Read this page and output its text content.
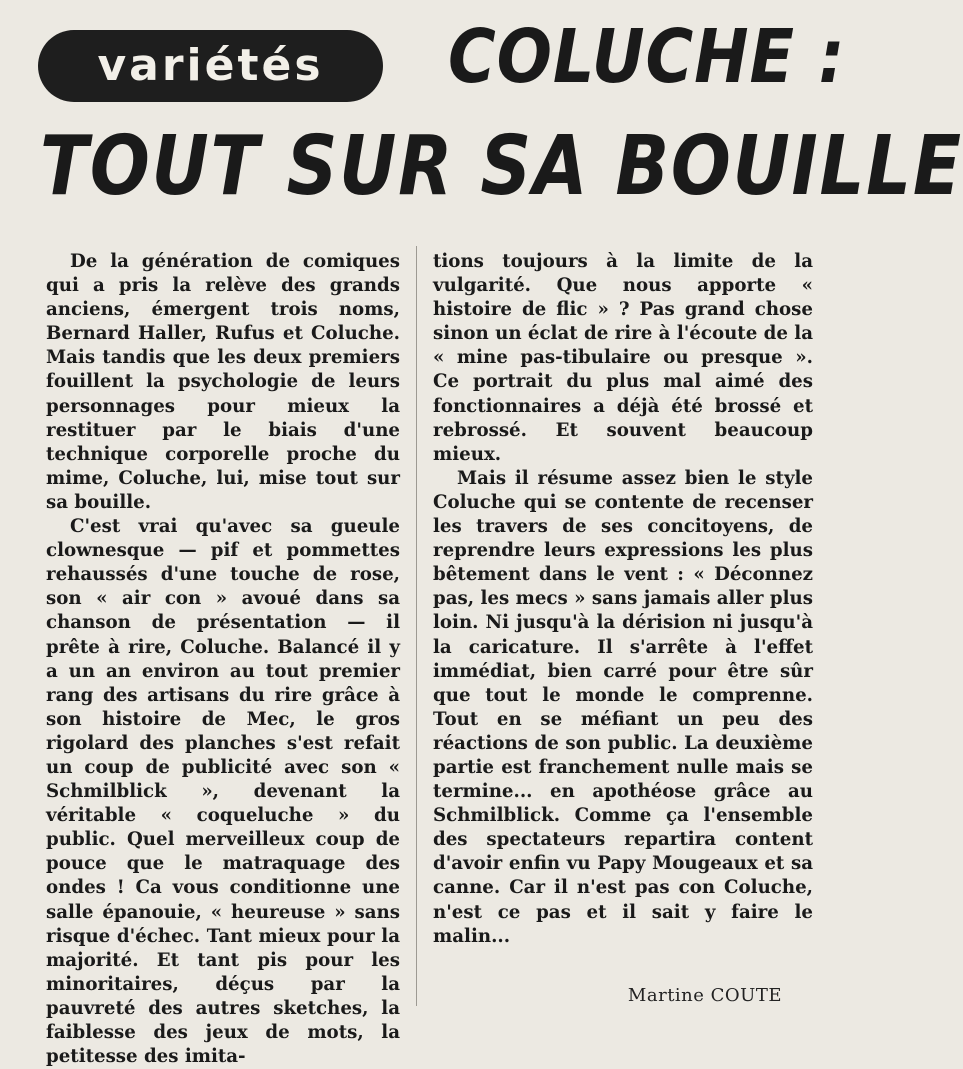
variétés	COLUCHE :
TOUT SUR SA BOUILLE

De la génération de comiques qui a pris la relève des grands anciens, émergent trois noms, Bernard Haller, Rufus et Coluche. Mais tandis que les deux premiers fouillent la psychologie de leurs personnages pour mieux la restituer par le biais d'une technique corporelle proche du mime, Coluche, lui, mise tout sur sa bouille.

C'est vrai qu'avec sa gueule clownesque — pif et pommettes rehaussés d'une touche de rose, son « air con » avoué dans sa chanson de présentation — il prête à rire, Coluche. Balancé il y a un an environ au tout premier rang des artisans du rire grâce à son histoire de Mec, le gros rigolard des planches s'est refait un coup de publicité avec son « Schmilblick », devenant la véritable « coqueluche » du public. Quel merveilleux coup de pouce que le matraquage des ondes ! Ca vous conditionne une salle épanouie, « heureuse » sans risque d'échec. Tant mieux pour la majorité. Et tant pis pour les minoritaires, déçus par la pauvreté des autres sketches, la faiblesse des jeux de mots, la petitesse des imita-

tions toujours à la limite de la vulgarité. Que nous apporte « histoire de flic » ? Pas grand chose sinon un éclat de rire à l'écoute de la « mine pas-tibulaire ou presque ». Ce portrait du plus mal aimé des fonctionnaires a déjà été brossé et rebrossé. Et souvent beaucoup mieux.

Mais il résume assez bien le style Coluche qui se contente de recenser les travers de ses concitoyens, de reprendre leurs expressions les plus bêtement dans le vent : « Déconnez pas, les mecs » sans jamais aller plus loin. Ni jusqu'à la dérision ni jusqu'à la caricature. Il s'arrête à l'effet immédiat, bien carré pour être sûr que tout le monde le comprenne. Tout en se méfiant un peu des réactions de son public. La deuxième partie est franchement nulle mais se termine... en apothéose grâce au Schmilblick. Comme ça l'ensemble des spectateurs repartira content d'avoir enfin vu Papy Mougeaux et sa canne. Car il n'est pas con Coluche, n'est ce pas et il sait y faire le malin...

Martine COUTE
